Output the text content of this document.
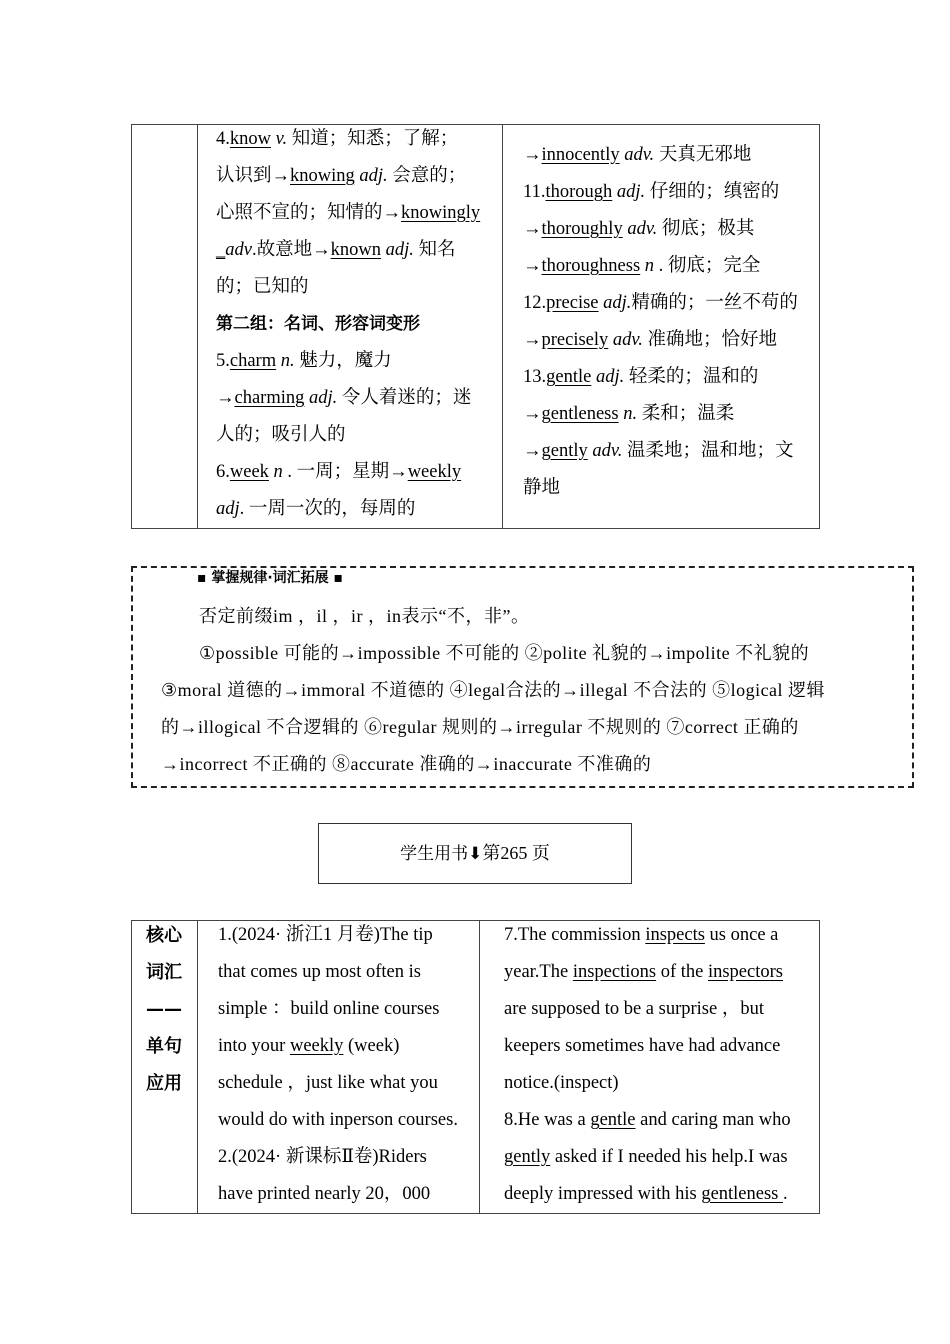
4.know v. 知道；知悉；了解；
认识到→knowing adj. 会意的；
心照不宣的；知情的→knowingly
_adv.故意地→known adj. 知名
的；已知的
第二组：名词、形容词变形
5.charm n. 魅力，魔力
→charming adj. 令人着迷的；迷
人的；吸引人的
6.week n . 一周；星期→weekly
adj. 一周一次的，每周的

→innocently adv. 天真无邪地
11.thorough adj. 仔细的；缜密的
→thoroughly adv. 彻底；极其
→thoroughness n . 彻底；完全
12.precise adj.精确的；一丝不苟的
→precisely adv. 准确地；恰好地
13.gentle adj. 轻柔的；温和的
→gentleness n. 柔和；温柔
→gently adv. 温柔地；温和地；文
静地
▪ 掌握规律·词汇拓展 ▪
否定前缀im ，il ，ir ，in表示“不，非”。
①possible 可能的→impossible 不可能的 ②polite 礼貌的→impolite 不礼貌的
③moral 道德的→immoral 不道德的 ④legal合法的→illegal 不合法的 ⑤logical 逻辑
的→illogical 不合逻辑的 ⑥regular 规则的→irregular 不规则的 ⑦correct 正确的
→incorrect 不正确的 ⑧accurate 准确的→inaccurate 不准确的
学生用书⬇第265 页
核心
词汇
——
单句
应用

1.(2024· 浙江1 月卷)The tip
that comes up most often is
simple ：build online courses
into your weekly (week)
schedule ，just like what you
would do with inperson courses.
2.(2024· 新课标Ⅱ卷)Riders
have printed nearly 20，000

7.The commission inspects us once a
year.The inspections of the inspectors
are supposed to be a surprise ，but
keepers sometimes have had advance
notice.(inspect)
8.He was a gentle and caring man who
gently asked if I needed his help.I was
deeply impressed with his gentleness .
